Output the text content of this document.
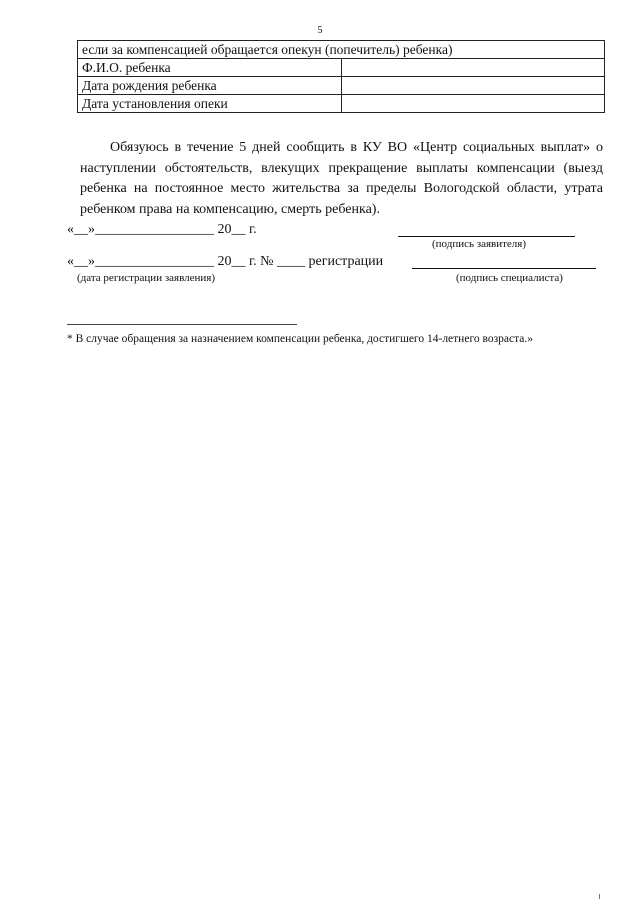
5
если за компенсацией обращается опекун (попечитель) ребенка)	
Ф.И.О. ребенка	
Дата рождения ребенка	
Дата установления опеки	

Обязуюсь в течение 5 дней сообщить в КУ ВО «Центр социальных выплат» о наступлении обстоятельств, влекущих прекращение выплаты компенсации (выезд ребенка на постоянное место жительства за пределы Вологодской области, утрата ребенком права на компенсацию, смерть ребенка).

«__»_________________ 20__ г.
(подпись заявителя)
«__»_________________ 20__ г. № ____ регистрации
(дата регистрации заявления)	(подпись специалиста)

* В случае обращения за назначением компенсации ребенка, достигшего 14-летнего возраста.»
